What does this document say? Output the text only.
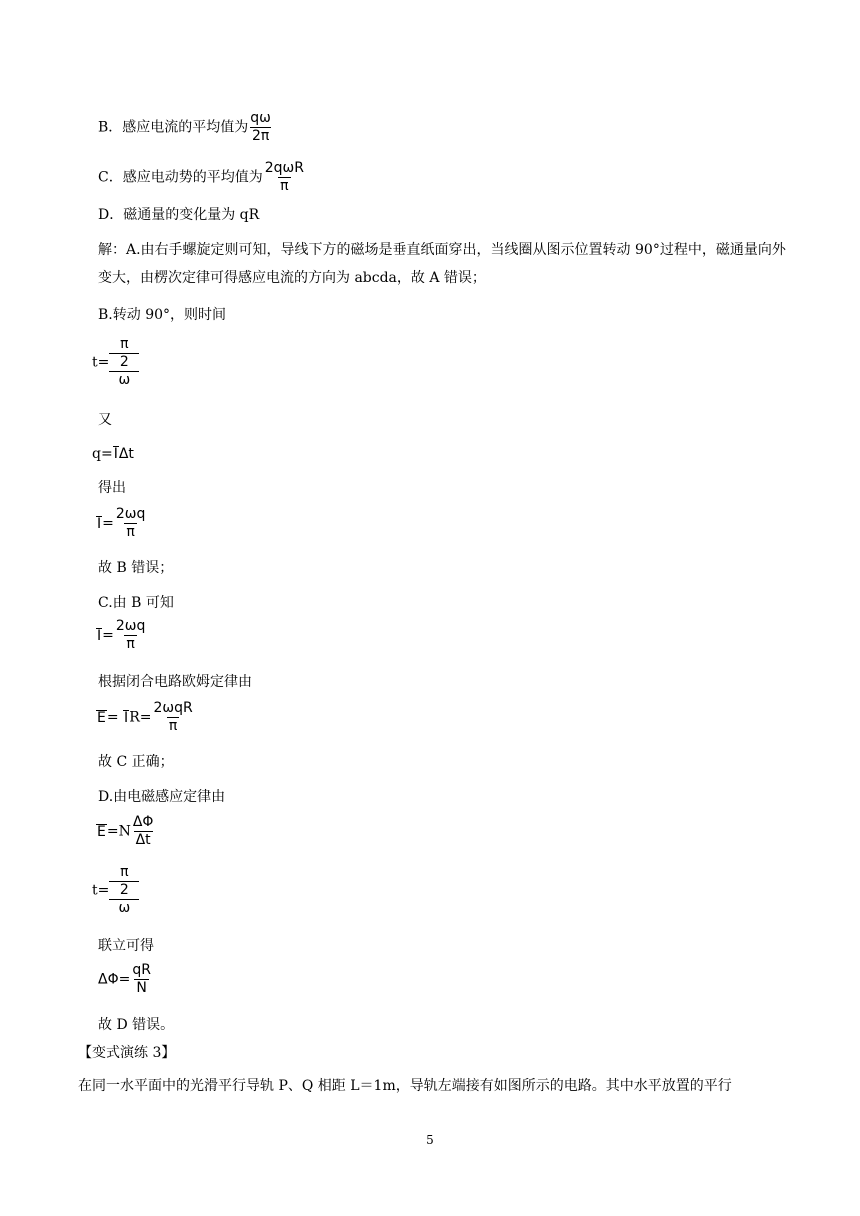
B．感应电流的平均值为 $\frac{q\omega}{2\pi}$
C．感应电动势的平均值为 $\frac{\text{2qωR}}{\pi}$
D．磁通量的变化量为 qR
解：A.由右手螺旋定则可知，导线下方的磁场是垂直纸面穿出，当线圈从图示位置转动 90°过程中，磁通量向外变大，由楞次定律可得感应电流的方向为 abcda，故 A 错误；
B.转动 90°，则时间
t=
π
2
ω
又
q=IΔt
得出
$I= \frac{2\omega q}{\pi}$
故 B 错误；
C.由 B 可知
$I= \frac{2\omega q}{\pi}$
根据闭合电路欧姆定律由
$E= IR= \frac{\text{2ωqR}}{\pi}$
故 C 正确；
D.由电磁感应定律由
$E=N \frac{\Delta\Phi}{\Delta t}$
t=
π
2
ω
联立可得
$\Delta\Phi= \frac{qR}{N}$
故 D 错误。
【变式演练 3】
在同一水平面中的光滑平行导轨 P、Q 相距 L＝1m，导轨左端接有如图所示的电路。其中水平放置的平行
5
